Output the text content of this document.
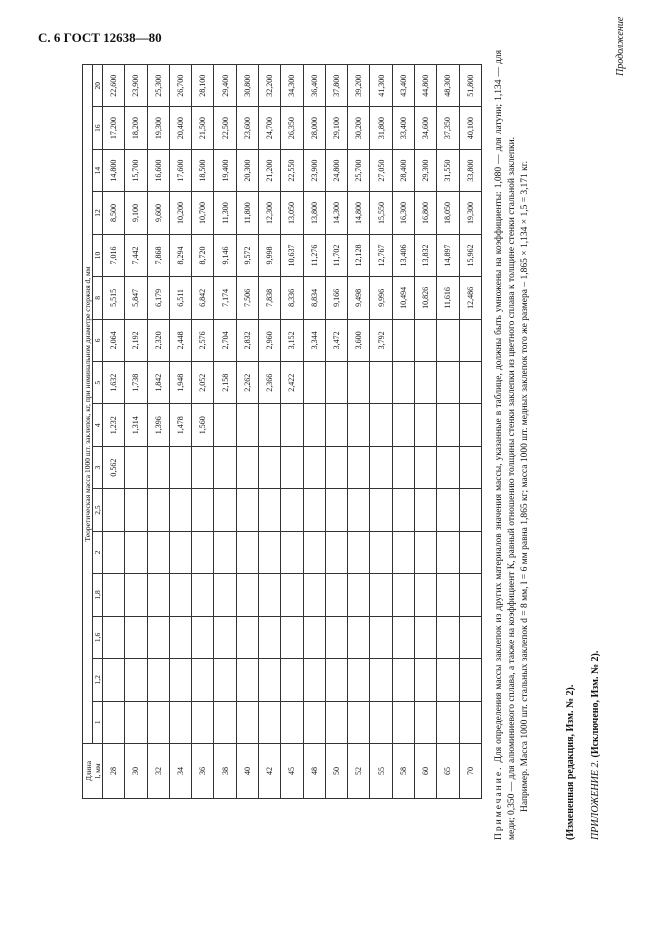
С. 6 ГОСТ 12638—80	Продолжение
Длина
l, мм	Теоретическая масса 1000 шт. заклепок, кг, при номинальном диаметре стержня d, мм															
	1	1,2	1,6	1,8	2	2,5	3	4	5	6	8	10	12	14	16	20
28							0,562	1,232	1,632	2,064	5,515	7,016	8,500	14,800	17,200	22,600
30								1,314	1,738	2,192	5,847	7,442	9,100	15,700	18,200	23,900
32								1,396	1,842	2,320	6,179	7,868	9,600	16,600	19,300	25,300
34								1,478	1,948	2,448	6,511	8,294	10,200	17,600	20,400	26,700
36								1,560	2,052	2,576	6,842	8,720	10,700	18,500	21,500	28,100
38									2,158	2,704	7,174	9,146	11,300	19,400	22,500	29,400
40									2,262	2,832	7,506	9,572	11,800	20,300	23,600	30,800
42									2,366	2,960	7,838	9,998	12,300	21,200	24,700	32,200
45									2,422	3,152	8,336	10,637	13,050	22,550	26,350	34,300
48										3,344	8,834	11,276	13,800	23,900	28,000	36,400
50										3,472	9,166	11,702	14,300	24,800	29,100	37,800
52										3,600	9,498	12,128	14,800	25,700	30,200	39,200
55										3,792	9,996	12,767	15,550	27,050	31,800	41,300
58											10,494	13,406	16,300	28,400	33,400	43,400
60											10,826	13,832	16,800	29,300	34,600	44,800
65											11,616	14,897	18,050	31,550	37,350	48,300
70											12,486	15,962	19,300	33,800	40,100	51,800

Примечание. Для определения массы заклепок из других материалов значения массы, указанные в таблице, должны быть умножены на коэффициенты: 1,080 — для латуни; 1,134 — для меди; 0,350 — для алюминиевого сплава, а также на коэффициент К, равный отношению толщины стенки заклепки из цветного сплава к толщине стенки стальной заклепки. Например. Масса 1000 шт. стальных заклепок d = 8 мм, l = 6 мм равна 1,865 кг; масса 1000 шт. медных заклепок того же размера – 1,865 × 1,134 × 1,5 = 3,171 кг.	(Измененная редакция, Изм. № 2). ПРИЛОЖЕНИЕ 2. (Исключено, Изм. № 2).
